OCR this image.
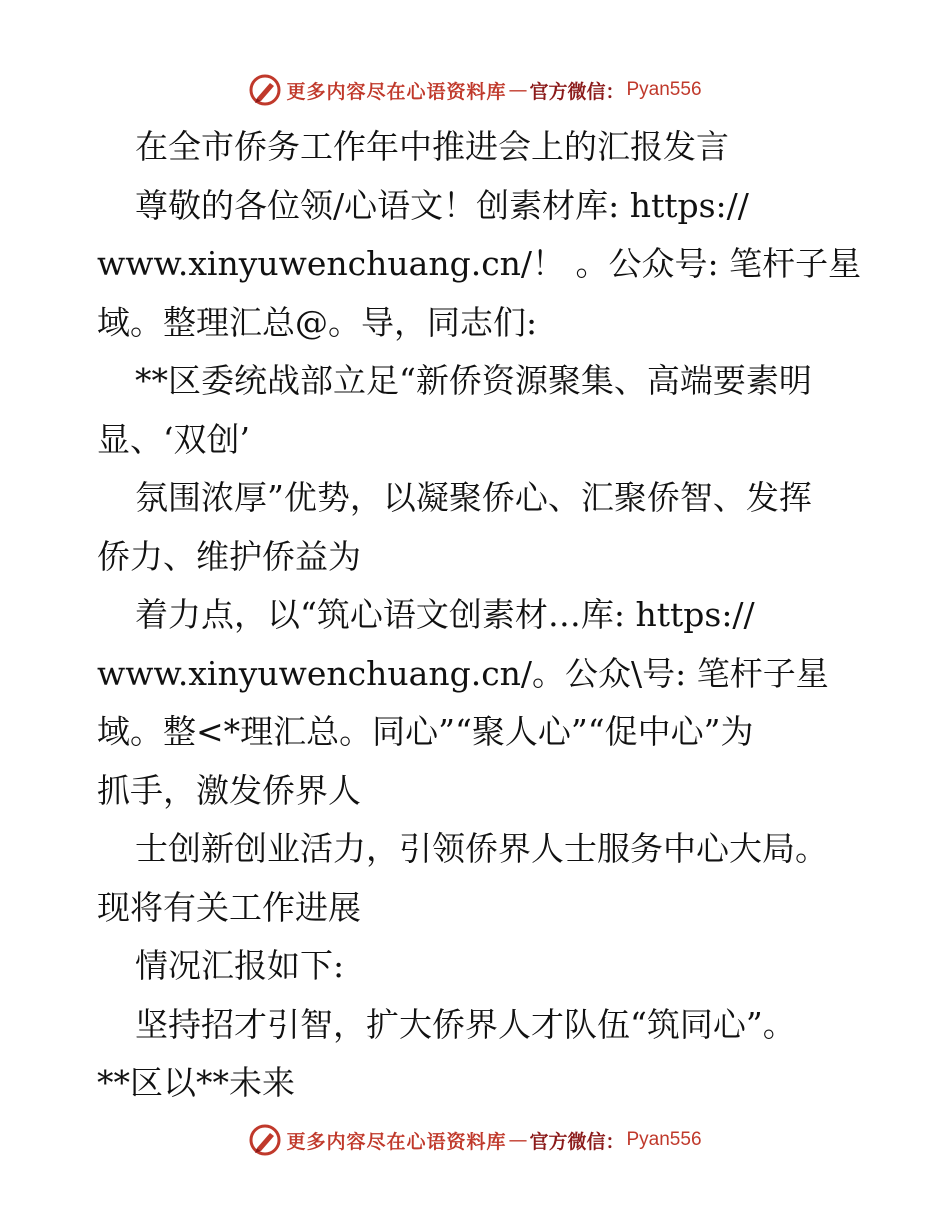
更多内容尽在心语资料库 — 官方微信： Pyan556
在全市侨务工作年中推进会上的汇报发言
尊敬的各位领/心语文！创素材库: https://
www.xinyuwenchuang.cn/！ 。公众号: 笔杆子星
域。整理汇总@。导，同志们:
**区委统战部立足“新侨资源聚集、高端要素明
显、‘双创’
氛围浓厚”优势，以凝聚侨心、汇聚侨智、发挥
侨力、维护侨益为
着力点，以“筑心语文创素材…库: https://
www.xinyuwenchuang.cn/。公众\号: 笔杆子星
域。整<*理汇总。同心”“聚人心”“促中心”为
抓手，激发侨界人
士创新创业活力，引领侨界人士服务中心大局。
现将有关工作进展
情况汇报如下:
坚持招才引智，扩大侨界人才队伍“筑同心”。
**区以**未来
更多内容尽在心语资料库 — 官方微信： Pyan556
